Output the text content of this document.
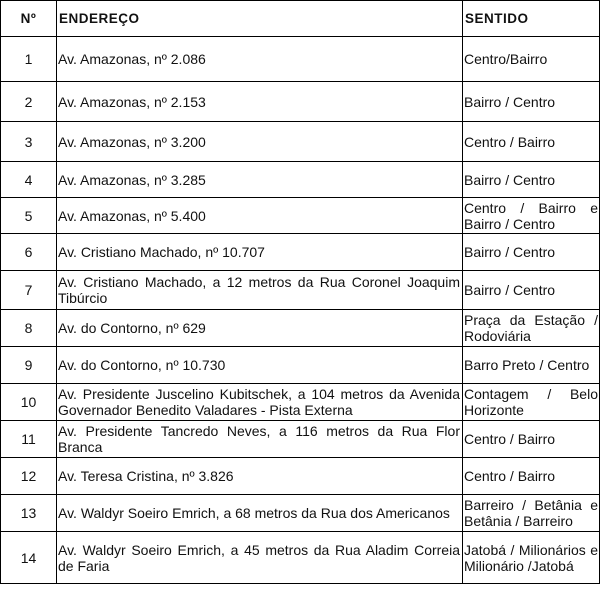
Nº	ENDEREÇO	SENTIDO
1	Av. Amazonas, nº 2.086	Centro/Bairro
2	Av. Amazonas, nº 2.153	Bairro / Centro
3	Av. Amazonas, nº 3.200	Centro / Bairro
4	Av. Amazonas, nº 3.285	Bairro / Centro
5	Av. Amazonas, nº 5.400	Centro / Bairro e Bairro / Centro
6	Av. Cristiano Machado, nº 10.707	Bairro / Centro
7	Av. Cristiano Machado, a 12 metros da Rua Coronel Joaquim Tibúrcio	Bairro / Centro
8	Av. do Contorno, nº 629	Praça da Estação / Rodoviária
9	Av. do Contorno, nº 10.730	Barro Preto / Centro
10	Av. Presidente Juscelino Kubitschek, a 104 metros da Avenida Governador Benedito Valadares - Pista Externa	Contagem / Belo Horizonte
11	Av. Presidente Tancredo Neves, a 116 metros da Rua Flor Branca	Centro / Bairro
12	Av. Teresa Cristina, nº 3.826	Centro / Bairro
13	Av. Waldyr Soeiro Emrich, a 68 metros da Rua dos Americanos	Barreiro / Betânia e Betânia / Barreiro
14	Av. Waldyr Soeiro Emrich, a 45 metros da Rua Aladim Correia de Faria	Jatobá / Milionários e Milionário /Jatobá
